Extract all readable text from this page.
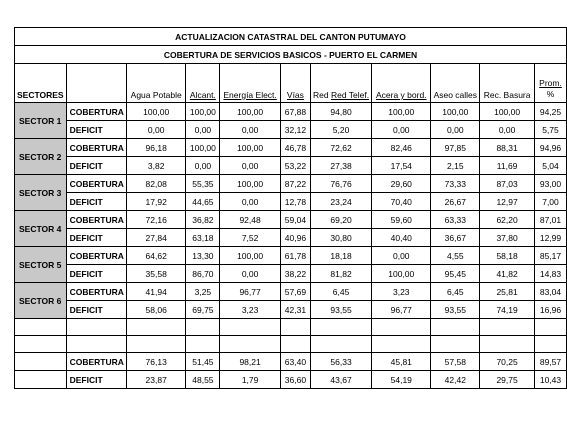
ACTUALIZACION CATASTRAL DEL CANTON PUTUMAYO										
COBERTURA DE SERVICIOS BASICOS - PUERTO EL CARMEN										
SECTORES		Agua Potable	Alcant.	Energía Elect.	Vías	Red Red Telef.	Acera y bord.	Aseo calles	Rec. Basura	Prom.
%

SECTOR 1	COBERTURA	100,00	100,00	100,00	67,88	94,80	100,00	100,00	100,00	94,25
	DEFICIT	0,00	0,00	0,00	32,12	5,20	0,00	0,00	0,00	5,75
SECTOR 2	COBERTURA	96,18	100,00	100,00	46,78	72,62	82,46	97,85	88,31	94,96
	DEFICIT	3,82	0,00	0,00	53,22	27,38	17,54	2,15	11,69	5,04
SECTOR 3	COBERTURA	82,08	55,35	100,00	87,22	76,76	29,60	73,33	87,03	93,00
	DEFICIT	17,92	44,65	0,00	12,78	23,24	70,40	26,67	12,97	7,00
SECTOR 4	COBERTURA	72,16	36,82	92,48	59,04	69,20	59,60	63,33	62,20	87,01
	DEFICIT	27,84	63,18	7,52	40,96	30,80	40,40	36,67	37,80	12,99
SECTOR 5	COBERTURA	64,62	13,30	100,00	61,78	18,18	0,00	4,55	58,18	85,17
	DEFICIT	35,58	86,70	0,00	38,22	81,82	100,00	95,45	41,82	14,83
SECTOR 6	COBERTURA	41,94	3,25	96,77	57,69	6,45	3,23	6,45	25,81	83,04
	DEFICIT	58,06	69,75	3,23	42,31	93,55	96,77	93,55	74,19	16,96

	COBERTURA	76,13	51,45	98,21	63,40	56,33	45,81	57,58	70,25	89,57
	DEFICIT	23,87	48,55	1,79	36,60	43,67	54,19	42,42	29,75	10,43
